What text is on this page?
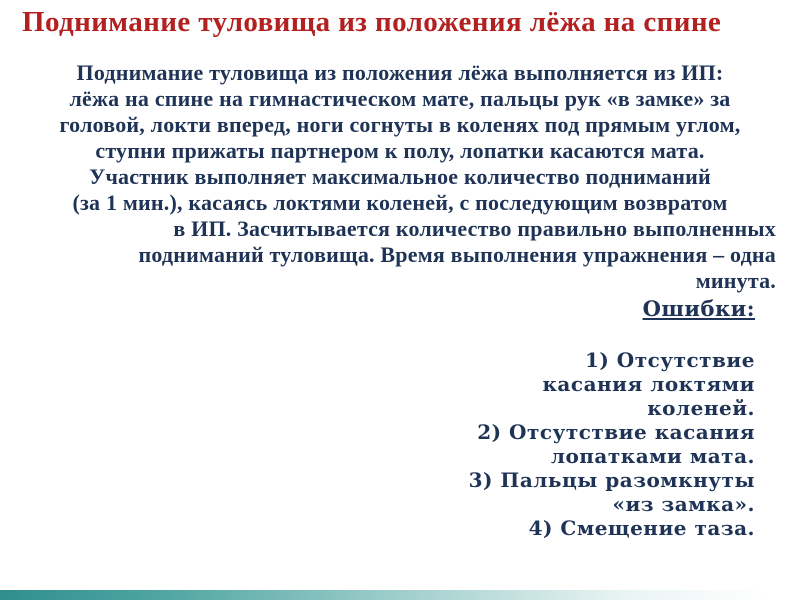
Поднимание туловища из положения лёжа на спине
Поднимание туловища из положения лёжа выполняется из ИП:
лёжа на спине на гимнастическом мате, пальцы рук «в замке» за
головой, локти вперед, ноги согнуты в коленях под прямым углом,
ступни прижаты партнером к полу, лопатки касаются мата.
Участник выполняет максимальное количество подниманий
(за 1 мин.), касаясь локтями коленей, с последующим возвратом
в ИП. Засчитывается количество правильно выполненных
подниманий туловища. Время выполнения упражнения – одна
минута.
Ошибки:
1) Отсутствие
касания локтями
коленей.
2) Отсутствие касания
лопатками мата.
3) Пальцы разомкнуты
«из замка».
4) Смещение таза.
